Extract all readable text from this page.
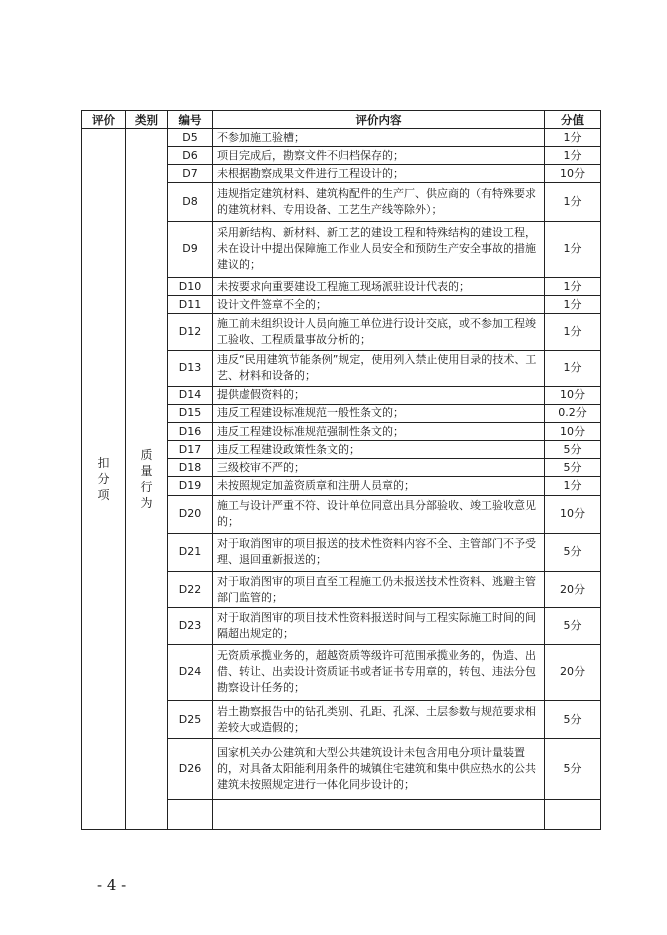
评价	类别	编号	评价内容	分值

扣分项	质量行为	D5	不参加施工验槽；	1分
		D6	项目完成后，勘察文件不归档保存的；	1分
		D7	未根据勘察成果文件进行工程设计的；	10分
		D8	违规指定建筑材料、建筑构配件的生产厂、供应商的（有特殊要求的建筑材料、专用设备、工艺生产线等除外）；	1分
		D9	采用新结构、新材料、新工艺的建设工程和特殊结构的建设工程，未在设计中提出保障施工作业人员安全和预防生产安全事故的措施建议的；	1分
		D10	未按要求向重要建设工程施工现场派驻设计代表的；	1分
		D11	设计文件签章不全的；	1分
		D12	施工前未组织设计人员向施工单位进行设计交底，或不参加工程竣工验收、工程质量事故分析的；	1分
		D13	违反“民用建筑节能条例”规定，使用列入禁止使用目录的技术、工艺、材料和设备的；	1分
		D14	提供虚假资料的；	10分
		D15	违反工程建设标准规范一般性条文的；	0.2分
		D16	违反工程建设标准规范强制性条文的；	10分
		D17	违反工程建设政策性条文的；	5分
		D18	三级校审不严的；	5分
		D19	未按照规定加盖资质章和注册人员章的；	1分
		D20	施工与设计严重不符、设计单位同意出具分部验收、竣工验收意见的；	10分
		D21	对于取消图审的项目报送的技术性资料内容不全、主管部门不予受理、退回重新报送的；	5分
		D22	对于取消图审的项目直至工程施工仍未报送技术性资料、逃避主管部门监管的；	20分
		D23	对于取消图审的项目技术性资料报送时间与工程实际施工时间的间隔超出规定的；	5分
		D24	无资质承揽业务的，超越资质等级许可范围承揽业务的，伪造、出借、转让、出卖设计资质证书或者证书专用章的，转包、违法分包勘察设计任务的；	20分
		D25	岩土勘察报告中的钻孔类别、孔距、孔深、土层参数与规范要求相差较大或造假的；	5分
		D26	国家机关办公建筑和大型公共建筑设计未包含用电分项计量装置的，对具备太阳能利用条件的城镇住宅建筑和集中供应热水的公共建筑未按照规定进行一体化同步设计的；	5分

- 4 -
